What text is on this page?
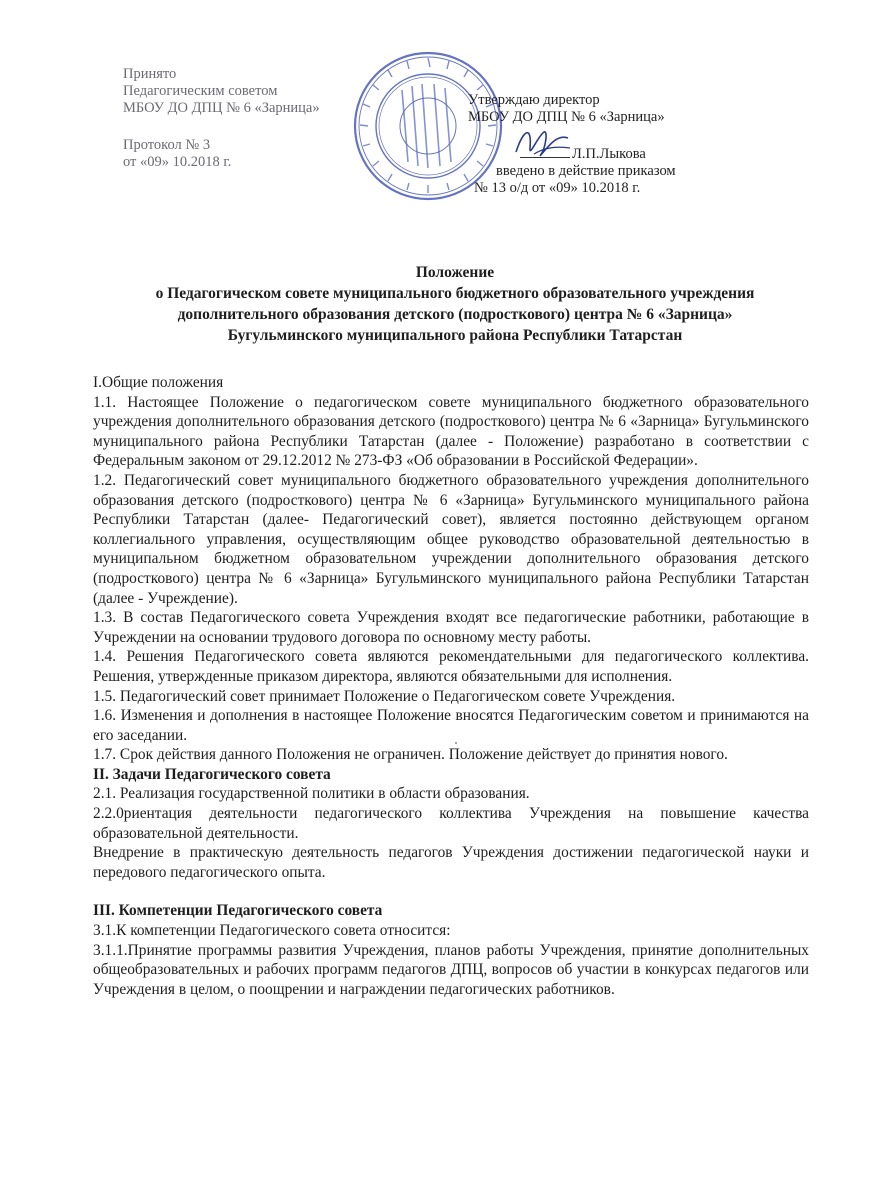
Принято
Педагогическим советом
МБОУ ДО ДПЦ № 6 «Зарница»
Протокол № 3
от «09» 10.2018 г.
Утверждаю директор
МБОУ ДО ДПЦ № 6 «Зарница»
Л.П.Лыкова
введено в действие приказом
№ 13 о/д от «09» 10.2018 г.
Положение
о Педагогическом совете муниципального бюджетного образовательного учреждения
дополнительного образования детского (подросткового) центра № 6 «Зарница»
Бугульминского муниципального района Республики Татарстан

I.Общие положения

1.1. Настоящее Положение о педагогическом совете муниципального бюджетного образовательного учреждения дополнительного образования детского (подросткового) центра № 6 «Зарница» Бугульминского муниципального района Республики Татарстан (далее - Положение) разработано в соответствии с Федеральным законом от 29.12.2012 № 273-ФЗ «Об образовании в Российской Федерации».

1.2. Педагогический совет муниципального бюджетного образовательного учреждения дополнительного образования детского (подросткового) центра № 6 «Зарница» Бугульминского муниципального района Республики Татарстан (далее- Педагогический совет), является постоянно действующем органом коллегиального управления, осуществляющим общее руководство образовательной деятельностью в муниципальном бюджетном образовательном учреждении дополнительного образования детского (подросткового) центра № 6 «Зарница» Бугульминского муниципального района Республики Татарстан (далее - Учреждение).

1.3. В состав Педагогического совета Учреждения входят все педагогические работники, работающие в Учреждении на основании трудового договора по основному месту работы.

1.4. Решения Педагогического совета являются рекомендательными для педагогического коллектива. Решения, утвержденные приказом директора, являются обязательными для исполнения.

1.5. Педагогический совет принимает Положение о Педагогическом совете Учреждения.

1.6. Изменения и дополнения в настоящее Положение вносятся Педагогическим советом и принимаются на его заседании.

1.7. Срок действия данного Положения не ограничен. Положение действует до принятия нового.

II. Задачи Педагогического совета

2.1. Реализация государственной политики в области образования.

2.2.0риентация деятельности педагогического коллектива Учреждения на повышение качества образовательной деятельности.

Внедрение в практическую деятельность педагогов Учреждения достижении педагогической науки и передового педагогического опыта.

III. Компетенции Педагогического совета

3.1.К компетенции Педагогического совета относится:

3.1.1.Принятие программы развития Учреждения, планов работы Учреждения, принятие дополнительных общеобразовательных и рабочих программ педагогов ДПЦ, вопросов об участии в конкурсах педагогов или Учреждения в целом, о поощрении и награждении педагогических работников.
